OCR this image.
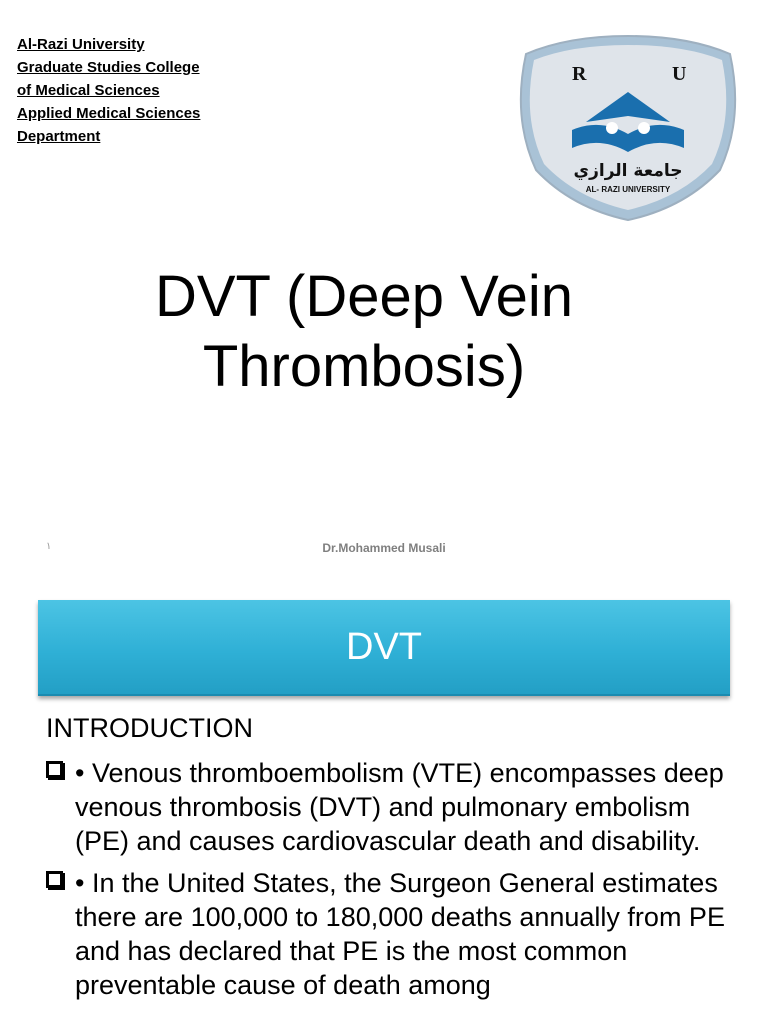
Al-Razi University
Graduate Studies College
of Medical Sciences
Applied Medical Sciences
Department
R	U
جامعة الرازي
AL- RAZI UNIVERSITY
DVT (Deep Vein
Thrombosis)
١	Dr.Mohammed Musali
DVT
INTRODUCTION
• Venous thromboembolism (VTE) encompasses deep venous thrombosis (DVT) and pulmonary embolism (PE) and causes cardiovascular death and disability.
• In the United States, the Surgeon General estimates there are 100,000 to 180,000 deaths annually from PE and has declared that PE is the most common preventable cause of death among
